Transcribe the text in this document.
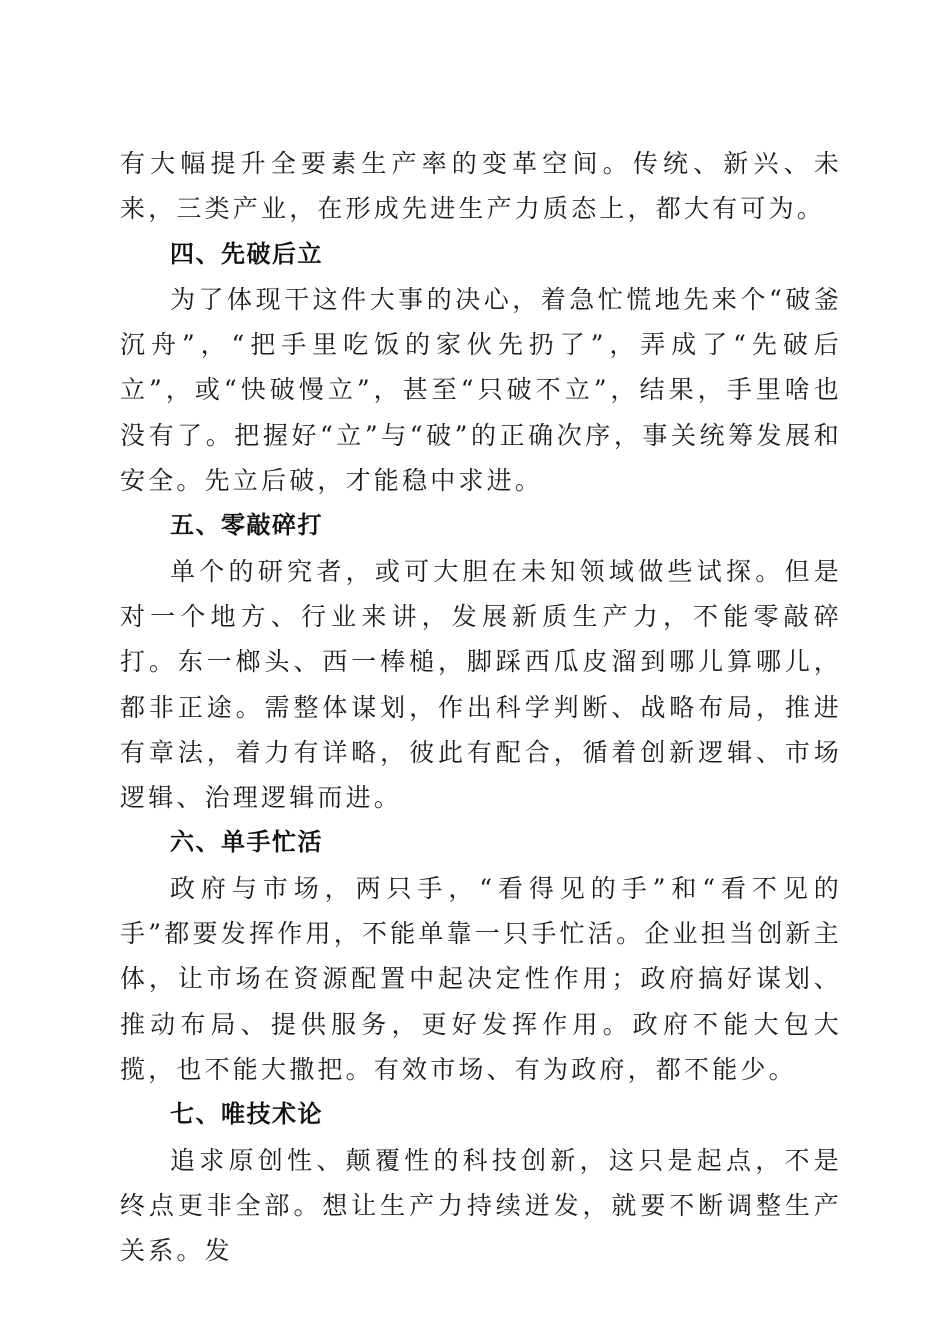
有大幅提升全要素生产率的变革空间。传统、新兴、未来，三类产业，在形成先进生产力质态上，都大有可为。

四、先破后立

为了体现干这件大事的决心，着急忙慌地先来个“破釜沉舟”，“把手里吃饭的家伙先扔了”，弄成了“先破后立”，或“快破慢立”，甚至“只破不立”，结果，手里啥也没有了。把握好“立”与“破”的正确次序，事关统筹发展和安全。先立后破，才能稳中求进。

五、零敲碎打

单个的研究者，或可大胆在未知领域做些试探。但是对一个地方、行业来讲，发展新质生产力，不能零敲碎打。东一榔头、西一棒槌，脚踩西瓜皮溜到哪儿算哪儿，都非正途。需整体谋划，作出科学判断、战略布局，推进有章法，着力有详略，彼此有配合，循着创新逻辑、市场逻辑、治理逻辑而进。

六、单手忙活

政府与市场，两只手，“看得见的手”和“看不见的手”都要发挥作用，不能单靠一只手忙活。企业担当创新主体，让市场在资源配置中起决定性作用；政府搞好谋划、推动布局、提供服务，更好发挥作用。政府不能大包大揽，也不能大撒把。有效市场、有为政府，都不能少。

七、唯技术论

追求原创性、颠覆性的科技创新，这只是起点，不是终点更非全部。想让生产力持续迸发，就要不断调整生产关系。发
